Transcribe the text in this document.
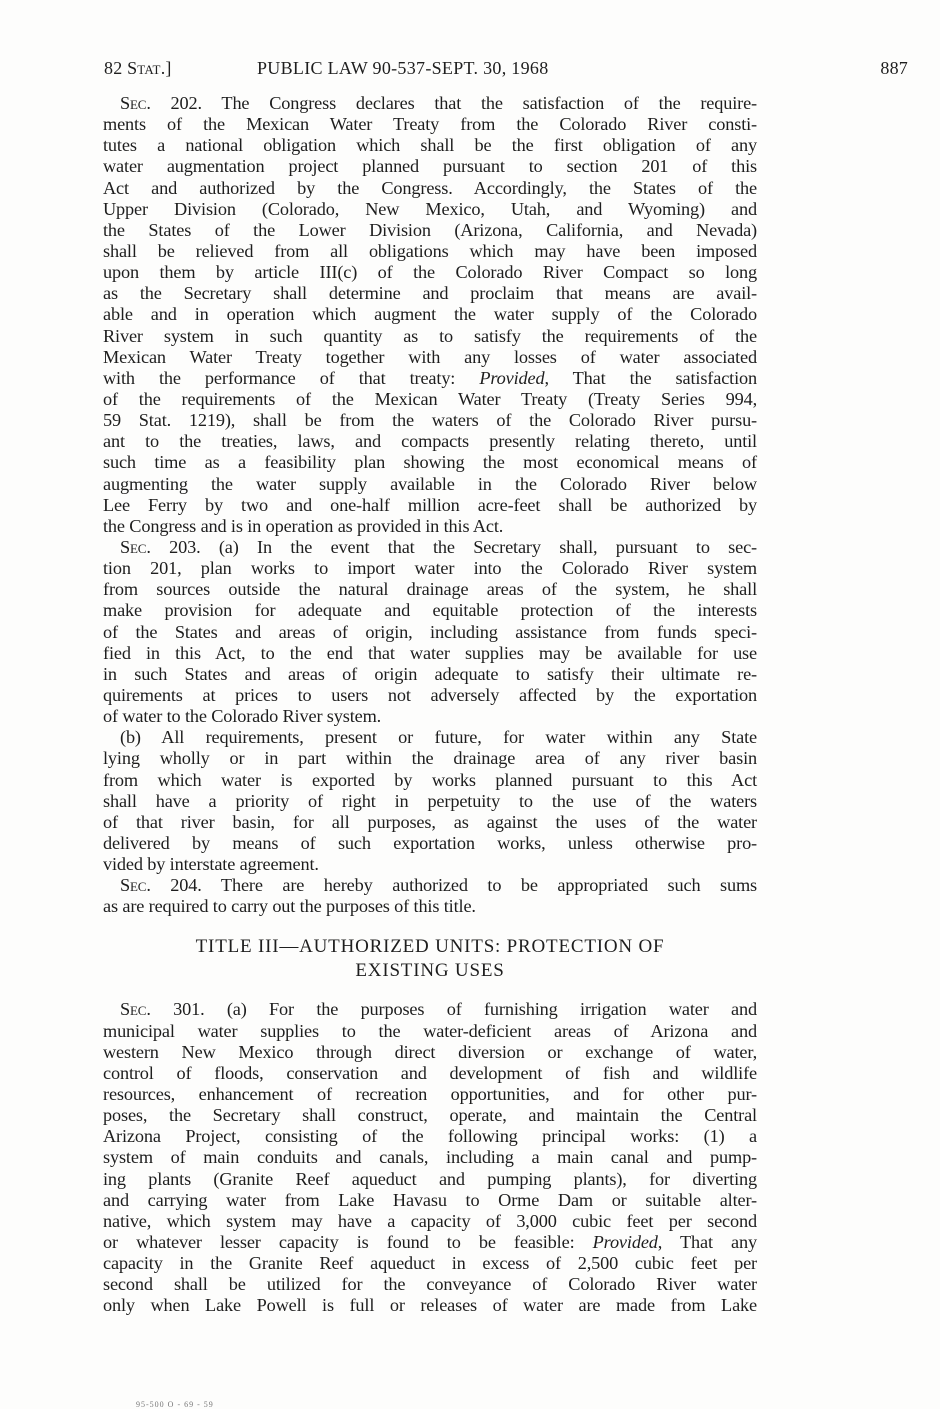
82 Stat.]	PUBLIC LAW 90-537-SEPT. 30, 1968	887
Sec. 202. The Congress declares that the satisfaction of the require-
ments of the Mexican Water Treaty from the Colorado River consti-
tutes a national obligation which shall be the first obligation of any
water augmentation project planned pursuant to section 201 of this
Act and authorized by the Congress. Accordingly, the States of the
Upper Division (Colorado, New Mexico, Utah, and Wyoming) and
the States of the Lower Division (Arizona, California, and Nevada)
shall be relieved from all obligations which may have been imposed
upon them by article III(c) of the Colorado River Compact so long
as the Secretary shall determine and proclaim that means are avail-
able and in operation which augment the water supply of the Colorado
River system in such quantity as to satisfy the requirements of the
Mexican Water Treaty together with any losses of water associated
with the performance of that treaty: Provided, That the satisfaction
of the requirements of the Mexican Water Treaty (Treaty Series 994,
59 Stat. 1219), shall be from the waters of the Colorado River pursu-
ant to the treaties, laws, and compacts presently relating thereto, until
such time as a feasibility plan showing the most economical means of
augmenting the water supply available in the Colorado River below
Lee Ferry by two and one-half million acre-feet shall be authorized by
the Congress and is in operation as provided in this Act.
Sec. 203. (a) In the event that the Secretary shall, pursuant to sec-
tion 201, plan works to import water into the Colorado River system
from sources outside the natural drainage areas of the system, he shall
make provision for adequate and equitable protection of the interests
of the States and areas of origin, including assistance from funds speci-
fied in this Act, to the end that water supplies may be available for use
in such States and areas of origin adequate to satisfy their ultimate re-
quirements at prices to users not adversely affected by the exportation
of water to the Colorado River system.
(b) All requirements, present or future, for water within any State
lying wholly or in part within the drainage area of any river basin
from which water is exported by works planned pursuant to this Act
shall have a priority of right in perpetuity to the use of the waters
of that river basin, for all purposes, as against the uses of the water
delivered by means of such exportation works, unless otherwise pro-
vided by interstate agreement.
Sec. 204. There are hereby authorized to be appropriated such sums
as are required to carry out the purposes of this title.
TITLE III—AUTHORIZED UNITS: PROTECTION OF
EXISTING USES
Sec. 301. (a) For the purposes of furnishing irrigation water and
municipal water supplies to the water-deficient areas of Arizona and
western New Mexico through direct diversion or exchange of water,
control of floods, conservation and development of fish and wildlife
resources, enhancement of recreation opportunities, and for other pur-
poses, the Secretary shall construct, operate, and maintain the Central
Arizona Project, consisting of the following principal works: (1) a
system of main conduits and canals, including a main canal and pump-
ing plants (Granite Reef aqueduct and pumping plants), for diverting
and carrying water from Lake Havasu to Orme Dam or suitable alter-
native, which system may have a capacity of 3,000 cubic feet per second
or whatever lesser capacity is found to be feasible: Provided, That any
capacity in the Granite Reef aqueduct in excess of 2,500 cubic feet per
second shall be utilized for the conveyance of Colorado River water
only when Lake Powell is full or releases of water are made from Lake
95-500 O - 69 - 59
